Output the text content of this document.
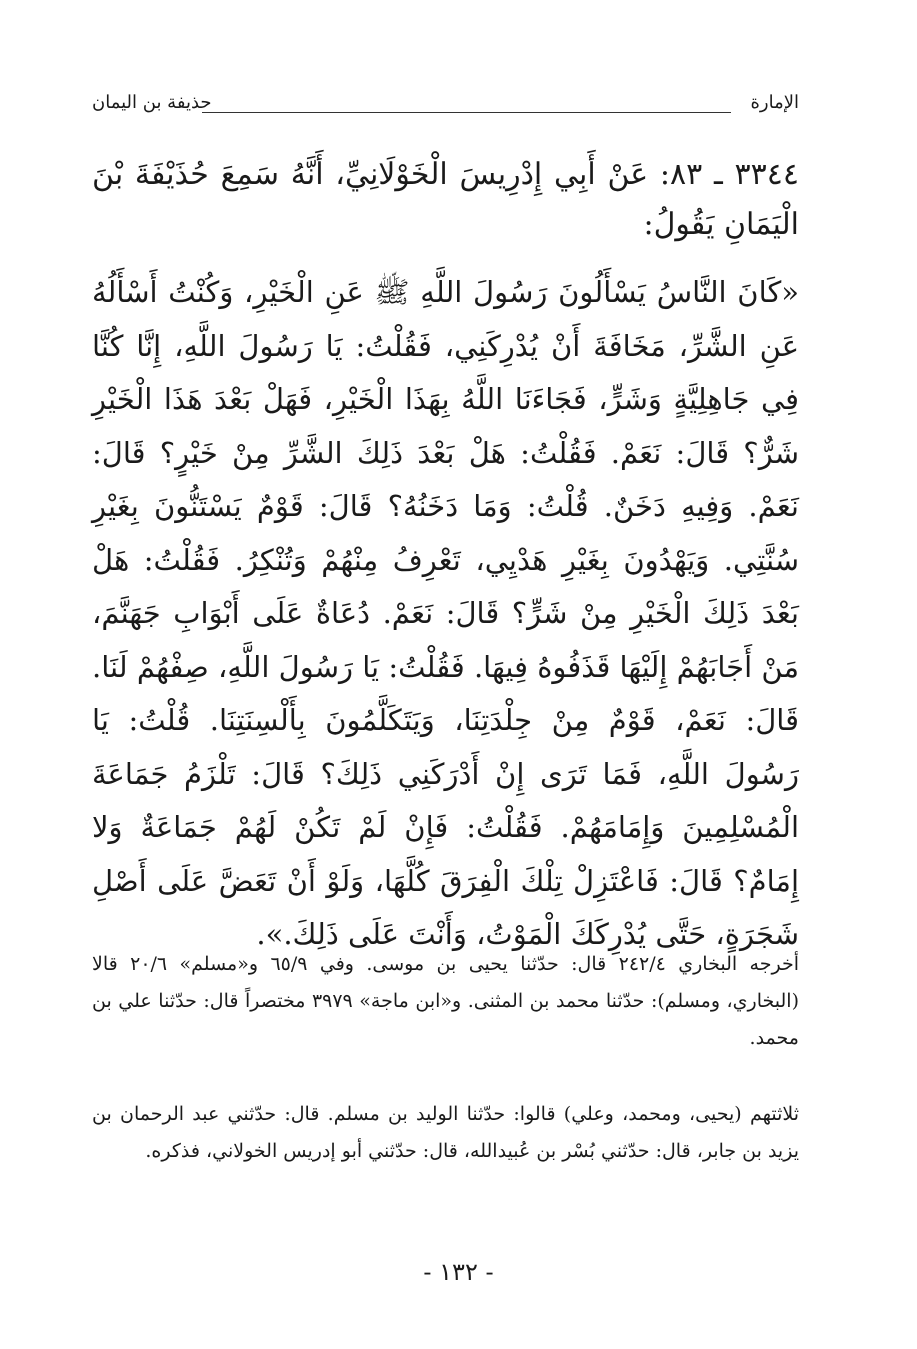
الإمارة
حذيفة بن اليمان
٣٣٤٤ ـ ٨٣: عَنْ أَبِي إِدْرِيسَ الْخَوْلَانِيِّ، أَنَّهُ سَمِعَ حُذَيْفَةَ بْنَ الْيَمَانِ يَقُولُ:
«كَانَ النَّاسُ يَسْأَلُونَ رَسُولَ اللَّهِ ﷺ عَنِ الْخَيْرِ، وَكُنْتُ أَسْأَلُهُ عَنِ الشَّرِّ، مَخَافَةَ أَنْ يُدْرِكَنِي، فَقُلْتُ: يَا رَسُولَ اللَّهِ، إِنَّا كُنَّا فِي جَاهِلِيَّةٍ وَشَرٍّ، فَجَاءَنَا اللَّهُ بِهَذَا الْخَيْرِ، فَهَلْ بَعْدَ هَذَا الْخَيْرِ شَرٌّ؟ قَالَ: نَعَمْ. فَقُلْتُ: هَلْ بَعْدَ ذَلِكَ الشَّرِّ مِنْ خَيْرٍ؟ قَالَ: نَعَمْ. وَفِيهِ دَخَنٌ. قُلْتُ: وَمَا دَخَنُهُ؟ قَالَ: قَوْمٌ يَسْتَنُّونَ بِغَيْرِ سُنَّتِي. وَيَهْدُونَ بِغَيْرِ هَدْيِي، تَعْرِفُ مِنْهُمْ وَتُنْكِرُ. فَقُلْتُ: هَلْ بَعْدَ ذَلِكَ الْخَيْرِ مِنْ شَرٍّ؟ قَالَ: نَعَمْ. دُعَاةٌ عَلَى أَبْوَابِ جَهَنَّمَ، مَنْ أَجَابَهُمْ إِلَيْهَا قَذَفُوهُ فِيهَا. فَقُلْتُ: يَا رَسُولَ اللَّهِ، صِفْهُمْ لَنَا. قَالَ: نَعَمْ، قَوْمٌ مِنْ جِلْدَتِنَا، وَيَتَكَلَّمُونَ بِأَلْسِنَتِنَا. قُلْتُ: يَا رَسُولَ اللَّهِ، فَمَا تَرَى إِنْ أَدْرَكَنِي ذَلِكَ؟ قَالَ: تَلْزَمُ جَمَاعَةَ الْمُسْلِمِينَ وَإِمَامَهُمْ. فَقُلْتُ: فَإِنْ لَمْ تَكُنْ لَهُمْ جَمَاعَةٌ وَلا إِمَامٌ؟ قَالَ: فَاعْتَزِلْ تِلْكَ الْفِرَقَ كُلَّهَا، وَلَوْ أَنْ تَعَضَّ عَلَى أَصْلِ شَجَرَةٍ، حَتَّى يُدْرِكَكَ الْمَوْتُ، وَأَنْتَ عَلَى ذَلِكَ.».
أخرجه البخاري ٢٤٢/٤ قال: حدّثنا يحيى بن موسى. وفي ٦٥/٩ و«مسلم» ٢٠/٦ قالا (البخاري، ومسلم): حدّثنا محمد بن المثنى. و«ابن ماجة» ٣٩٧٩ مختصراً قال: حدّثنا علي بن محمد.
ثلاثتهم (يحيى، ومحمد، وعلي) قالوا: حدّثنا الوليد بن مسلم. قال: حدّثني عبد الرحمان بن يزيد بن جابر، قال: حدّثني بُسْر بن عُبيدالله، قال: حدّثني أبو إدريس الخولاني، فذكره.
- ١٣٢ -
